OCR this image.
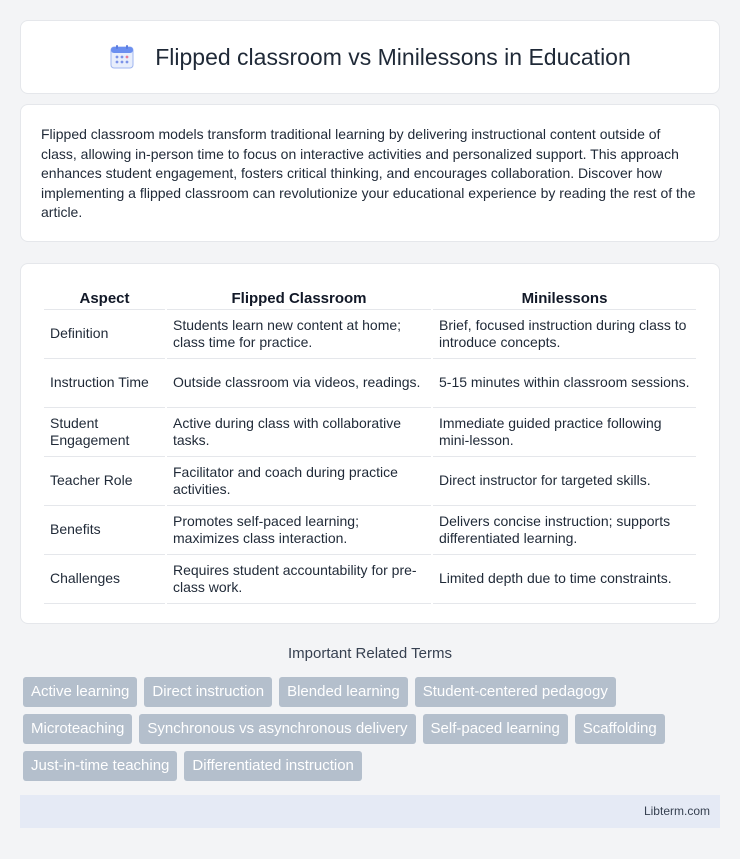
Flipped classroom vs Minilessons in Education

Flipped classroom models transform traditional learning by delivering instructional content outside of class, allowing in-person time to focus on interactive activities and personalized support. This approach enhances student engagement, fosters critical thinking, and encourages collaboration. Discover how implementing a flipped classroom can revolutionize your educational experience by reading the rest of the article.

Aspect	Flipped Classroom	Minilessons
Definition	Students learn new content at home; class time for practice.	Brief, focused instruction during class to introduce concepts.
Instruction Time	Outside classroom via videos, readings.	5-15 minutes within classroom sessions.
Student Engagement	Active during class with collaborative tasks.	Immediate guided practice following mini-lesson.
Teacher Role	Facilitator and coach during practice activities.	Direct instructor for targeted skills.
Benefits	Promotes self-paced learning; maximizes class interaction.	Delivers concise instruction; supports differentiated learning.
Challenges	Requires student accountability for pre-class work.	Limited depth due to time constraints.
Important Related Terms
Active learning	Direct instruction	Blended learning	Student-centered pedagogy
Microteaching	Synchronous vs asynchronous delivery	Self-paced learning	Scaffolding
Just-in-time teaching	Differentiated instruction
Libterm.com
